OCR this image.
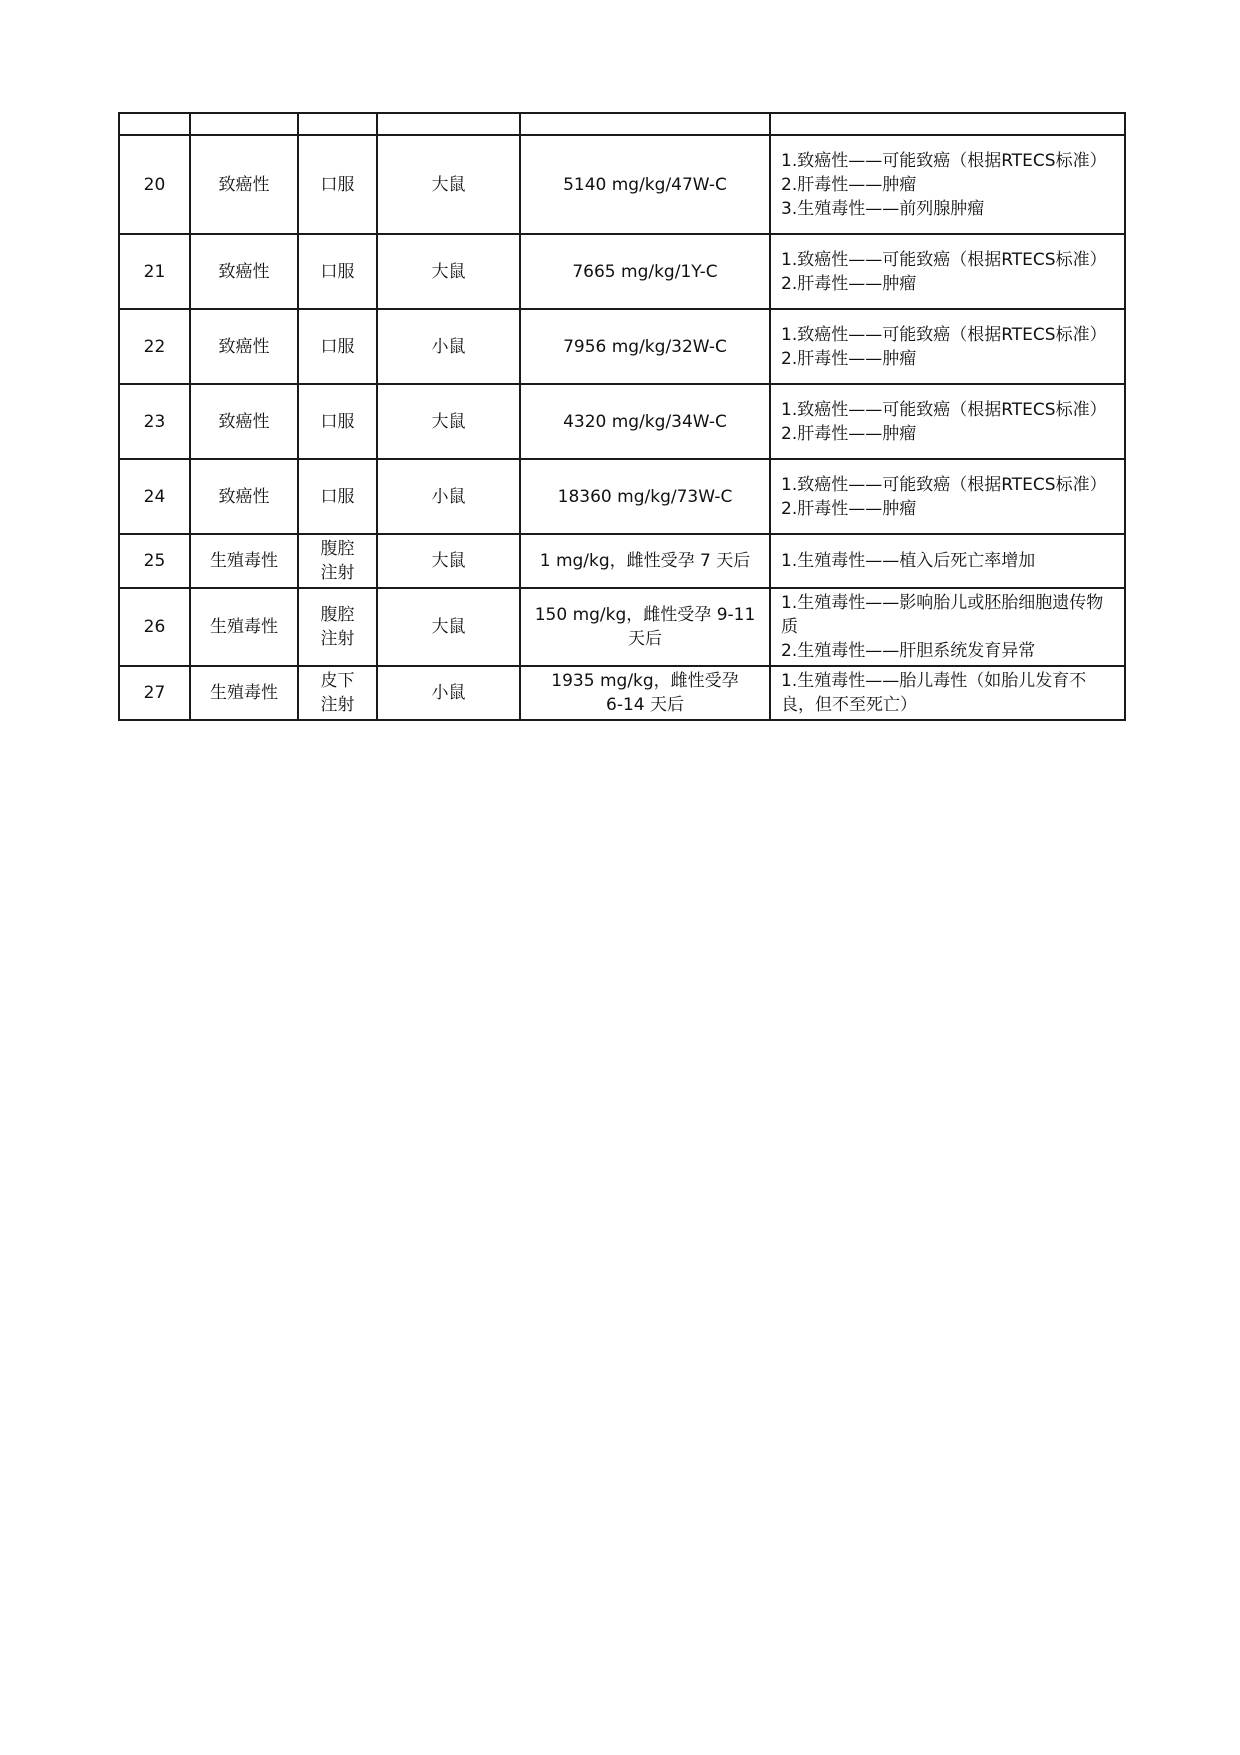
20	致癌性	口服	大鼠	5140 mg/kg/47W-C	1.致癌性——可能致癌（根据RTECS标准）
2.肝毒性——肿瘤
3.生殖毒性——前列腺肿瘤
21	致癌性	口服	大鼠	7665 mg/kg/1Y-C	1.致癌性——可能致癌（根据RTECS标准）
2.肝毒性——肿瘤
22	致癌性	口服	小鼠	7956 mg/kg/32W-C	1.致癌性——可能致癌（根据RTECS标准）
2.肝毒性——肿瘤
23	致癌性	口服	大鼠	4320 mg/kg/34W-C	1.致癌性——可能致癌（根据RTECS标准）
2.肝毒性——肿瘤
24	致癌性	口服	小鼠	18360 mg/kg/73W-C	1.致癌性——可能致癌（根据RTECS标准）
2.肝毒性——肿瘤
25	生殖毒性	腹腔
注射	大鼠	1 mg/kg，雌性受孕 7 天后	1.生殖毒性——植入后死亡率增加
26	生殖毒性	腹腔
注射	大鼠	150 mg/kg，雌性受孕 9-11
天后	1.生殖毒性——影响胎儿或胚胎细胞遗传物质
2.生殖毒性——肝胆系统发育异常
27	生殖毒性	皮下
注射	小鼠	1935 mg/kg，雌性受孕
6-14 天后	1.生殖毒性——胎儿毒性（如胎儿发育不良，但不至死亡）
